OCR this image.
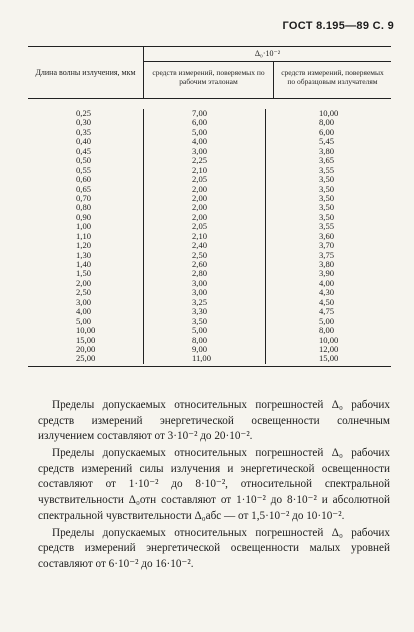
ГОСТ 8.195—89 С. 9
Длина волны излучения, мкм
Δ₀·10⁻²
средств измерений, поверяемых по рабочим эталонам
средств измерений, поверяемых по образцовым излучателям
0,25
0,30
0,35
0,40
0,45
0,50
0,55
0,60
0,65
0,70
0,80
0,90
1,00
1,10
1,20
1,30
1,40
1,50
2,00
2,50
3,00
4,00
5,00
10,00
15,00
20,00
25,00
7,00
6,00
5,00
4,00
3,00
2,25
2,10
2,05
2,00
2,00
2,00
2,00
2,05
2,10
2,40
2,50
2,60
2,80
3,00
3,00
3,25
3,30
3,50
5,00
8,00
9,00
11,00
10,00
8,00
6,00
5,45
3,80
3,65
3,55
3,50
3,50
3,50
3,50
3,50
3,55
3,60
3,70
3,75
3,80
3,90
4,00
4,30
4,50
4,75
5,00
8,00
10,00
12,00
15,00

Пределы допускаемых относительных погрешностей Δ₀ рабочих средств измерений энергетической освещенности солнечным излучением составляют от 3·10⁻² до 20·10⁻².

Пределы допускаемых относительных погрешностей Δ₀ рабочих средств измерений силы излучения и энергетической освещенности составляют от 1·10⁻² до 8·10⁻², относительной спектральной чувствительности Δ₀отн составляют от 1·10⁻² до 8·10⁻² и абсолютной спектральной чувствительности Δ₀абс — от 1,5·10⁻² до 10·10⁻².

Пределы допускаемых относительных погрешностей Δ₀ рабочих средств измерений энергетической освещенности малых уровней составляют от 6·10⁻² до 16·10⁻².
